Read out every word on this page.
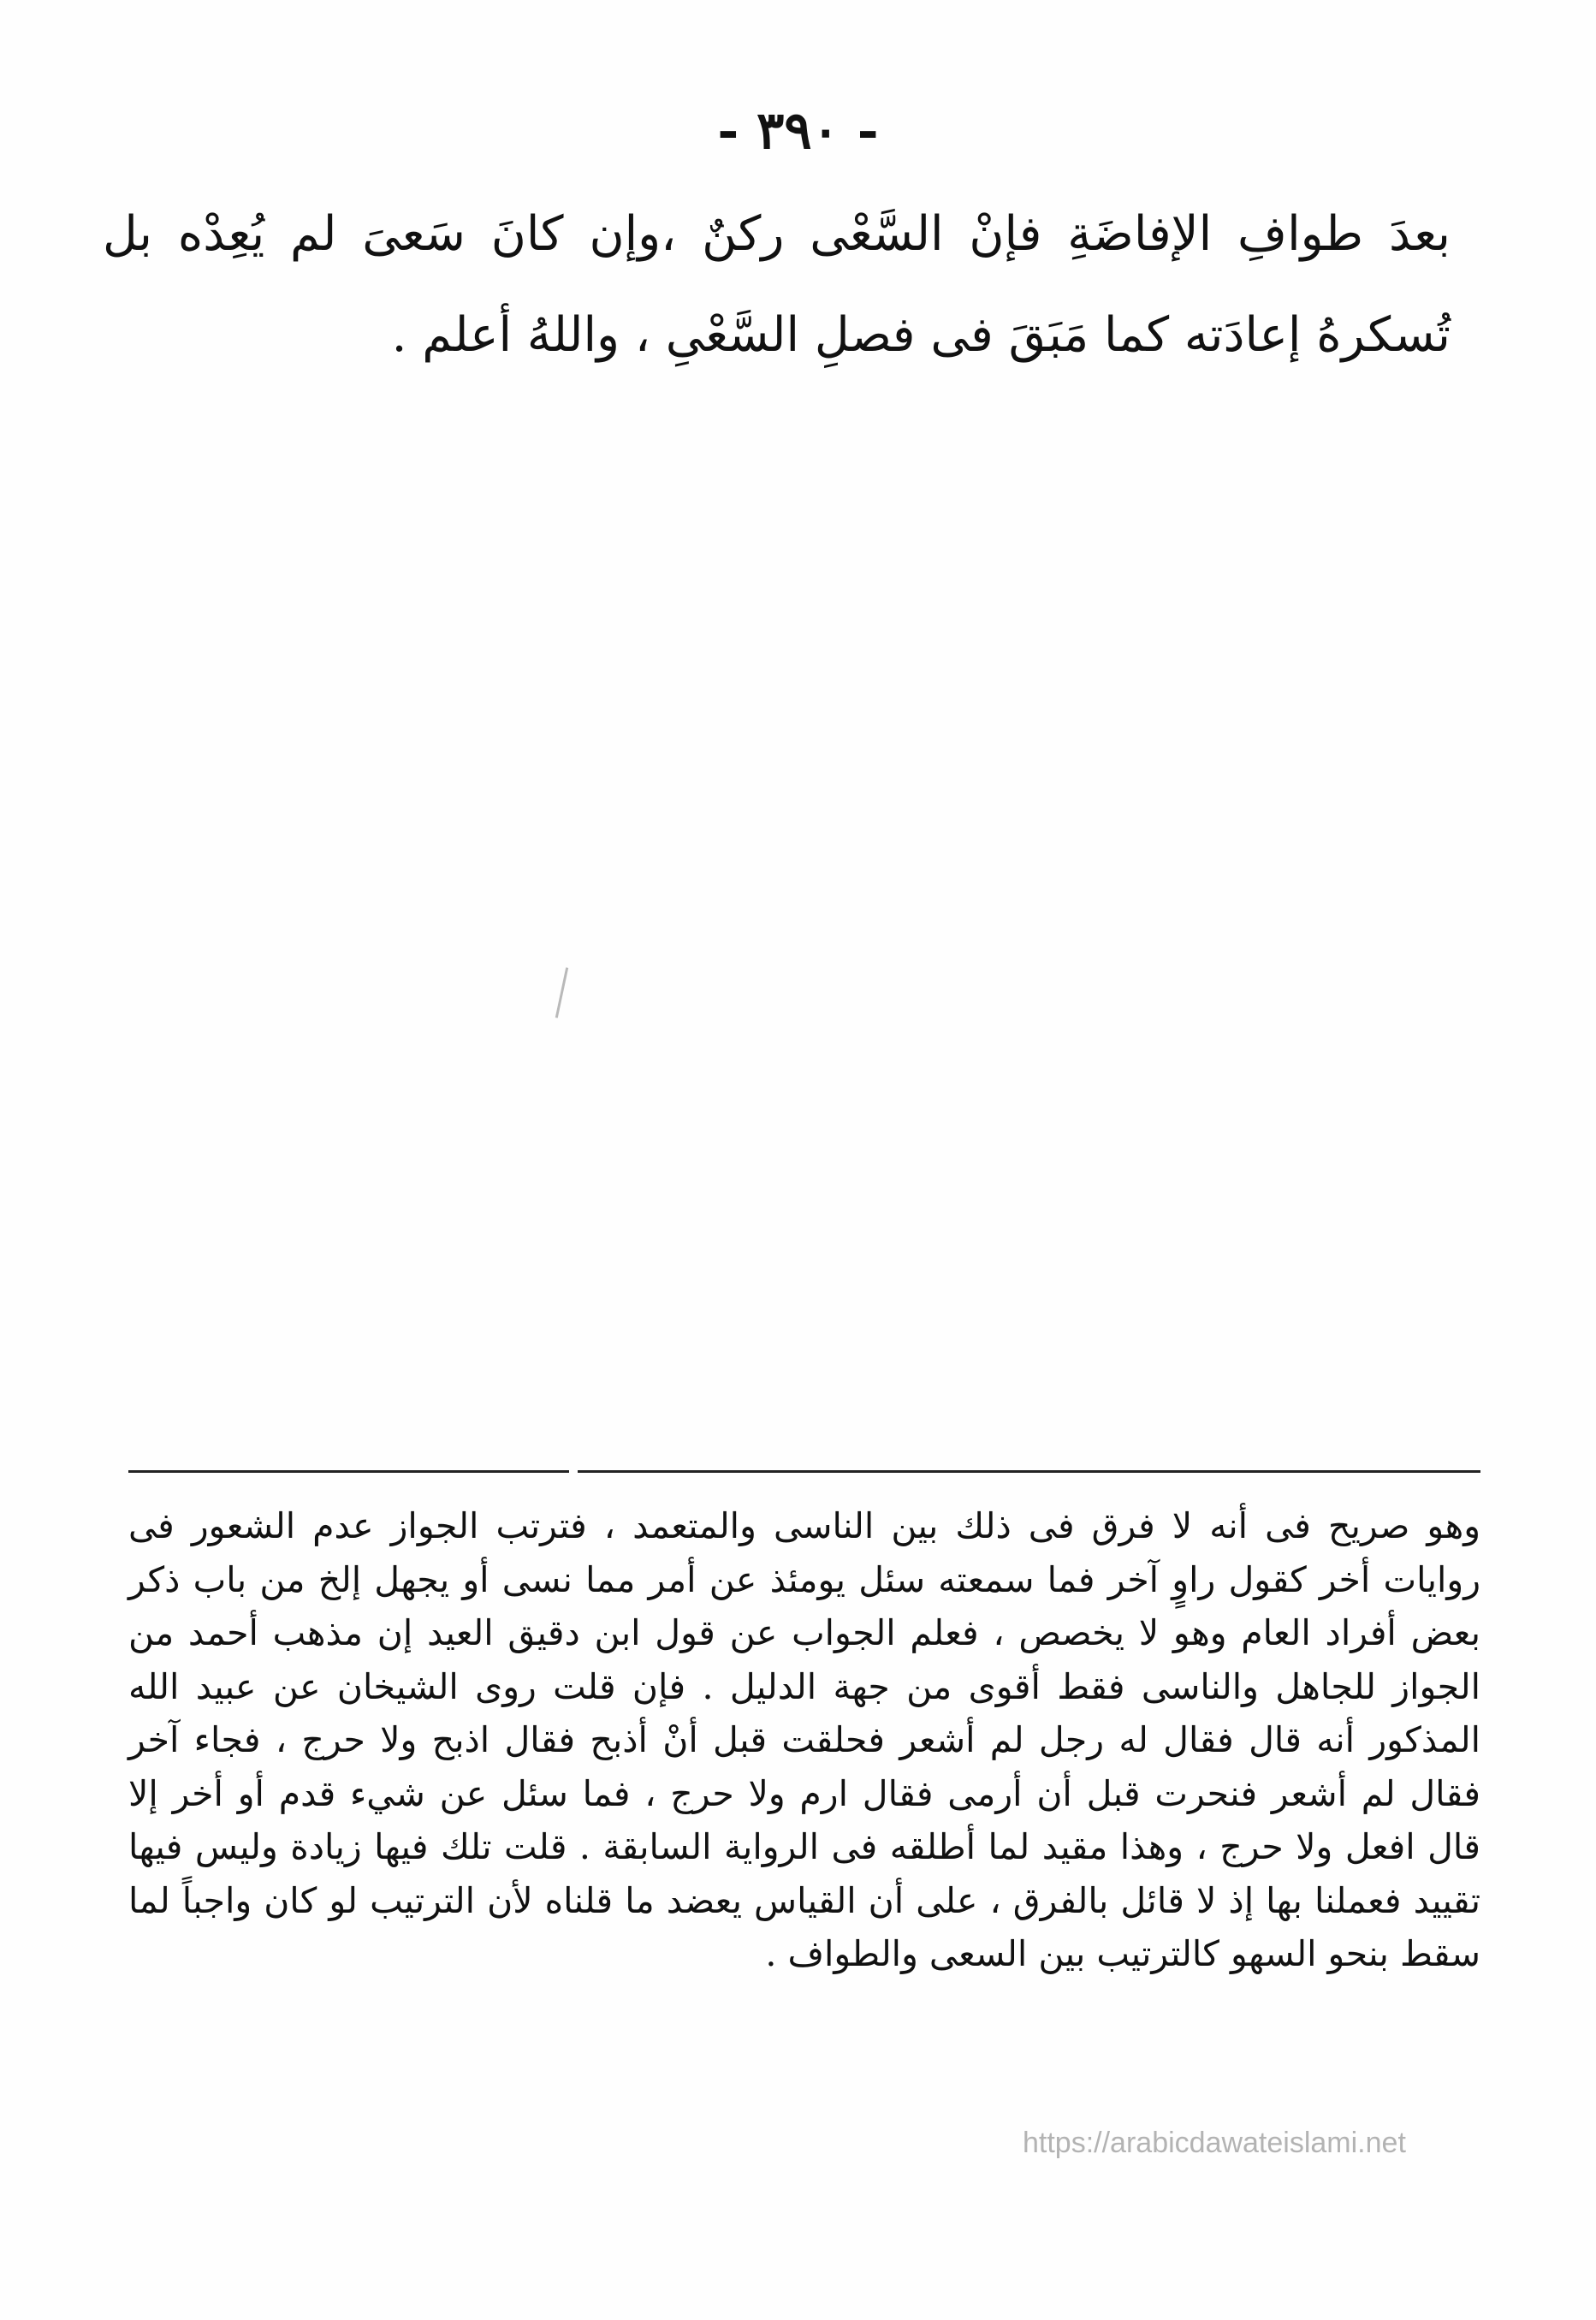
- ٣٩٠ -

بعدَ طوافِ الإفاضَةِ فإنْ السَّعْى ركنٌ ،وإن كانَ سَعىَ لم يُعِدْه بل تُسكرهُ إعادَته كما مَبَقَ فى فصلِ السَّعْىِ ، واللهُ أعلم .

وهو صريح فى أنه لا فرق فى ذلك بين الناسى والمتعمد ، فترتب الجواز عدم الشعور فى روايات أخر كقول راوٍ آخر فما سمعته سئل يومئذ عن أمر مما نسى أو يجهل إلخ من باب ذكر بعض أفراد العام وهو لا يخصص ، فعلم الجواب عن قول ابن دقيق العيد إن مذهب أحمد من الجواز للجاهل والناسى فقط أقوى من جهة الدليل . فإن قلت روى الشيخان عن عبيد الله المذكور أنه قال فقال له رجل لم أشعر فحلقت قبل أنْ أذبح فقال اذبح ولا حرج ، فجاء آخر فقال لم أشعر فنحرت قبل أن أرمى فقال ارم ولا حرج ، فما سئل عن شيء قدم أو أخر إلا قال افعل ولا حرج ، وهذا مقيد لما أطلقه فى الرواية السابقة . قلت تلك فيها زيادة وليس فيها تقييد فعملنا بها إذ لا قائل بالفرق ، على أن القياس يعضد ما قلناه لأن الترتيب لو كان واجباً لما سقط بنحو السهو كالترتيب بين السعى والطواف .

https://arabicdawateislami.net
